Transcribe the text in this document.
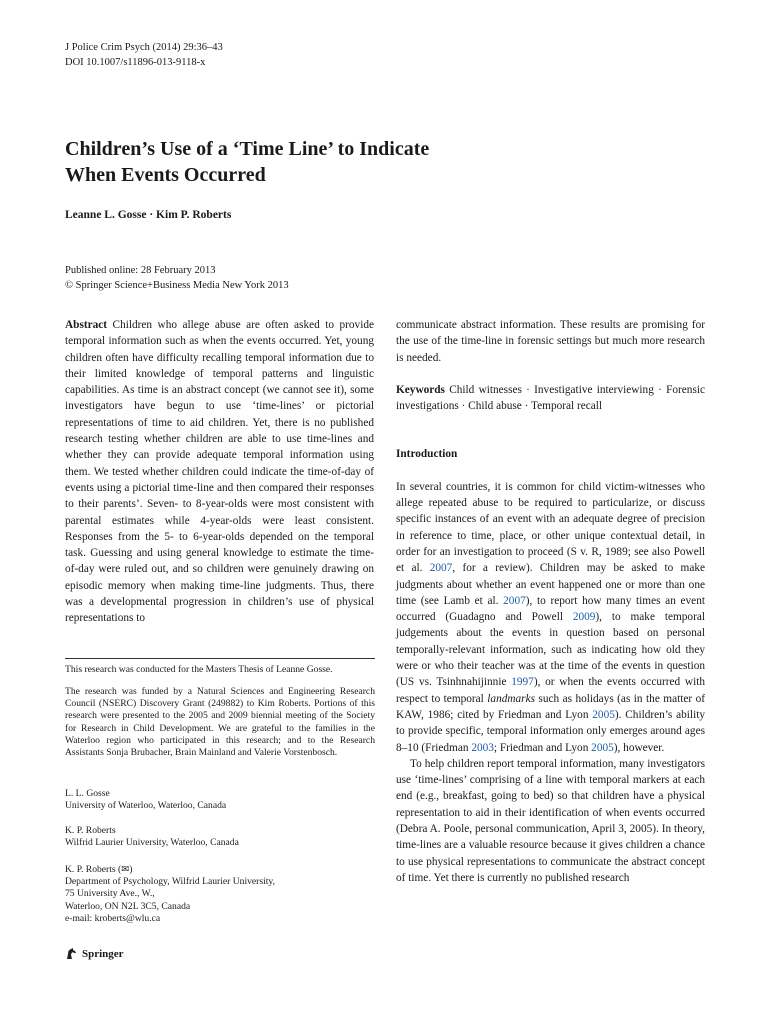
J Police Crim Psych (2014) 29:36–43
DOI 10.1007/s11896-013-9118-x
Children’s Use of a ‘Time Line’ to Indicate
When Events Occurred
Leanne L. Gosse · Kim P. Roberts
Published online: 28 February 2013
© Springer Science+Business Media New York 2013

Abstract Children who allege abuse are often asked to provide temporal information such as when the events occurred. Yet, young children often have difficulty recalling temporal information due to their limited knowledge of temporal patterns and linguistic capabilities. As time is an abstract concept (we cannot see it), some investigators have begun to use ‘time-lines’ or pictorial representations of time to aid children. Yet, there is no published research testing whether children are able to use time-lines and whether they can provide adequate temporal information using them. We tested whether children could indicate the time-of-day of events using a pictorial time-line and then compared their responses to their parents’. Seven- to 8-year-olds were most consistent with parental estimates while 4-year-olds were least consistent. Responses from the 5- to 6-year-olds depended on the temporal task. Guessing and using general knowledge to estimate the time-of-day were ruled out, and so children were genuinely drawing on episodic memory when making time-line judgments. Thus, there was a developmental progression in children’s use of physical representations to

This research was conducted for the Masters Thesis of Leanne Gosse.
The research was funded by a Natural Sciences and Engineering Research Council (NSERC) Discovery Grant (249882) to Kim Roberts. Portions of this research were presented to the 2005 and 2009 biennial meeting of the Society for Research in Child Development. We are grateful to the families in the Waterloo region who participated in this research; and to the Research Assistants Sonja Brubacher, Brain Mainland and Valerie Vorstenbosch.
L. L. Gosse
University of Waterloo, Waterloo, Canada
K. P. Roberts
Wilfrid Laurier University, Waterloo, Canada
K. P. Roberts (✉)
Department of Psychology, Wilfrid Laurier University,
75 University Ave., W.,
Waterloo, ON N2L 3C5, Canada
e-mail: kroberts@wlu.ca
Springer

communicate abstract information. These results are promising for the use of the time-line in forensic settings but much more research is needed.

Keywords Child witnesses · Investigative interviewing · Forensic investigations · Child abuse · Temporal recall

Introduction

In several countries, it is common for child victim-witnesses who allege repeated abuse to be required to particularize, or discuss specific instances of an event with an adequate degree of precision in reference to time, place, or other unique contextual detail, in order for an investigation to proceed (S v. R, 1989; see also Powell et al. 2007, for a review). Children may be asked to make judgments about whether an event happened one or more than one time (see Lamb et al. 2007), to report how many times an event occurred (Guadagno and Powell 2009), to make temporal judgements about the events in question based on personal temporally-relevant information, such as indicating how old they were or who their teacher was at the time of the events in question (US vs. Tsinhnahijinnie 1997), or when the events occurred with respect to temporal landmarks such as holidays (as in the matter of KAW, 1986; cited by Friedman and Lyon 2005). Children’s ability to provide specific, temporal information only emerges around ages 8–10 (Friedman 2003; Friedman and Lyon 2005), however.

To help children report temporal information, many investigators use ‘time-lines’ comprising of a line with temporal markers at each end (e.g., breakfast, going to bed) so that children have a physical representation to aid in their identification of when events occurred (Debra A. Poole, personal communication, April 3, 2005). In theory, time-lines are a valuable resource because it gives children a chance to use physical representations to communicate the abstract concept of time. Yet there is currently no published research
